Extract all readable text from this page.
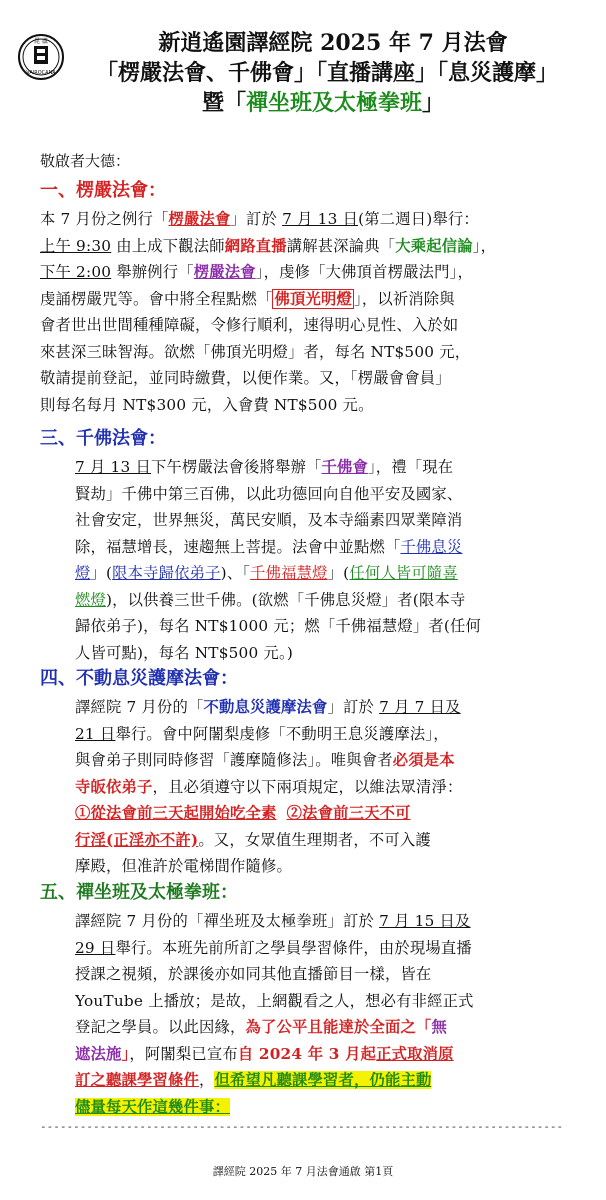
毘 盧
VAIROCANA
新逍遙園譯經院 2025 年 7 月法會
「楞嚴法會、千佛會」「直播講座」「息災護摩」
暨「禪坐班及太極拳班」
敬啟者大德：
一、楞嚴法會：
本 7 月份之例行「楞嚴法會」訂於 7 月 13 日(第二週日)舉行：
上午 9:30 由上成下觀法師網路直播講解甚深論典「大乘起信論」，
下午 2:00 舉辦例行「楞嚴法會」，虔修「大佛頂首楞嚴法門」，
虔誦楞嚴咒等。會中將全程點燃「 佛頂光明燈 」，以祈消除與
會者世出世間種種障礙，令修行順利，速得明心見性、入於如
來甚深三昧智海。欲燃「佛頂光明燈」者，每名 NT$500 元，
敬請提前登記，並同時繳費，以便作業。又，「楞嚴會會員」
則每名每月 NT$300 元，入會費 NT$500 元。
三、千佛法會：
7 月 13 日下午楞嚴法會後將舉辦「千佛會」，禮「現在
賢劫」千佛中第三百佛，以此功德回向自他平安及國家、
社會安定，世界無災，萬民安順，及本寺緇素四眾業障消
除，福慧增長，速趨無上菩提。法會中並點燃「千佛息災
燈」(限本寺歸依弟子)、「千佛福慧燈」(任何人皆可隨喜
燃燈)，以供養三世千佛。(欲燃「千佛息災燈」者(限本寺
歸依弟子)，每名 NT$1000 元；燃「千佛福慧燈」者(任何
人皆可點)，每名 NT$500 元。)
四、不動息災護摩法會：
譯經院 7 月份的「不動息災護摩法會」訂於 7 月 7 日及
21 日舉行。會中阿闍梨虔修「不動明王息災護摩法」，
與會弟子則同時修習「護摩隨修法」。唯與會者必須是本
寺皈依弟子，且必須遵守以下兩項規定，以維法眾清淨：
①從法會前三天起開始吃全素 ②法會前三天不可
行淫(正淫亦不許)。又，女眾值生理期者，不可入護
摩殿，但准許於電梯間作隨修。
五、禪坐班及太極拳班：
譯經院 7 月份的「禪坐班及太極拳班」訂於 7 月 15 日及
29 日舉行。本班先前所訂之學員學習條件，由於現場直播
授課之視頻，於課後亦如同其他直播節目一樣，皆在
YouTube 上播放；是故，上網觀看之人，想必有非經正式
登記之學員。以此因緣，為了公平且能達於全面之「無
遮法施」，阿闍梨已宣布自 2024 年 3 月起正式取消原
訂之聽課學習條件，但希望凡聽課學習者，仍能主動
儘量每天作這幾件事：
-------------------------------------------------------------------------------
譯經院 2025 年 7 月法會通啟 第1頁
